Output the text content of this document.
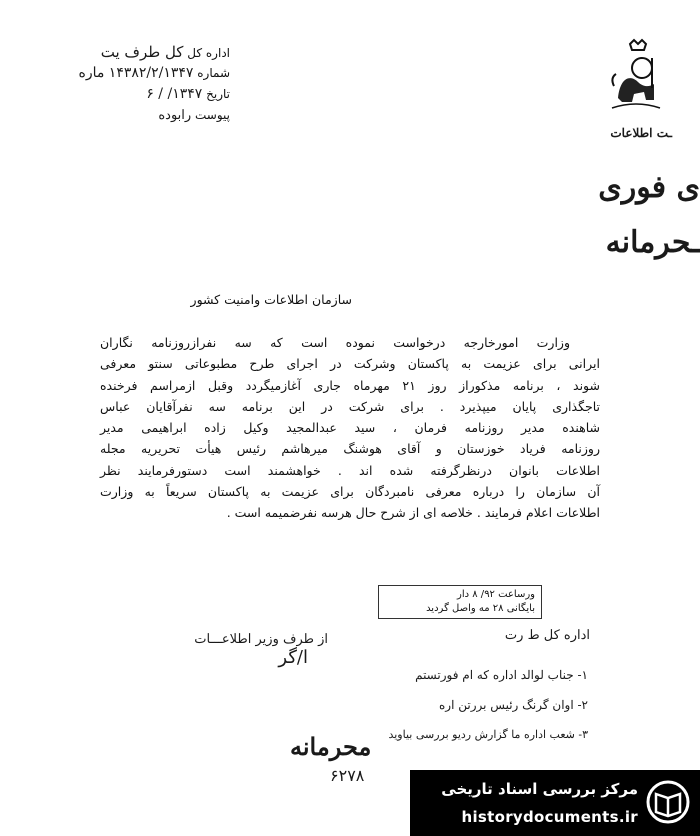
ـت اطلاعات
اداره کل کل طرف یت
شماره ۱۴۳۸۲/۲/۱۳۴۷ ماره
تاریخ ۱۳۴۷/ / ۶
پیوست رابوده
ی فوری
ـحرمانه
سازمان اطلاعات وامنیت کشور

وزارت امورخارجه درخواست نموده است که سه نفرازروزنامه نگاران

ایرانی برای عزیمت به پاکستان وشرکت در اجرای طرح مطبوعاتی سنتو معرفی

شوند ، برنامه مذکوراز روز ۲۱ مهرماه جاری آغازمیگردد وقبل ازمراسم فرخنده

تاجگذاری پایان میپذیرد . برای شرکت در این برنامه سه نفرآقایان عباس

شاهنده مدیر روزنامه فرمان ، سید عبدالمجید وکیل زاده ابراهیمی مدیر

روزنامه فریاد خوزستان و آقای هوشنگ میرهاشم رئیس هیأت تحریریه مجله

اطلاعات بانوان درنظرگرفته شده اند . خواهشمند است دستورفرمایند نظر

آن سازمان را درباره معرفی نامبردگان برای عزیمت به پاکستان سریعاً به وزارت

اطلاعات اعلام فرمایند . خلاصه ای از شرح حال هرسه نفرضمیمه است .

ورساعت ۹۲/ ۸ دار
بایگانی ۲۸ مه واصل گردید
از طرف وزیر اطلاعـــات
ا/گر
اداره کل ط رت
۱- جناب لوالد اداره که ام فورتستم
۲- اوان گرنگ رئیس بررتن اره
۳- شعب اداره ما گزارش ردیو بررسی بیاوید
محرمانه
۶۲۷۸
مرکز بررسی اسناد تاریخی
historydocuments.ir
